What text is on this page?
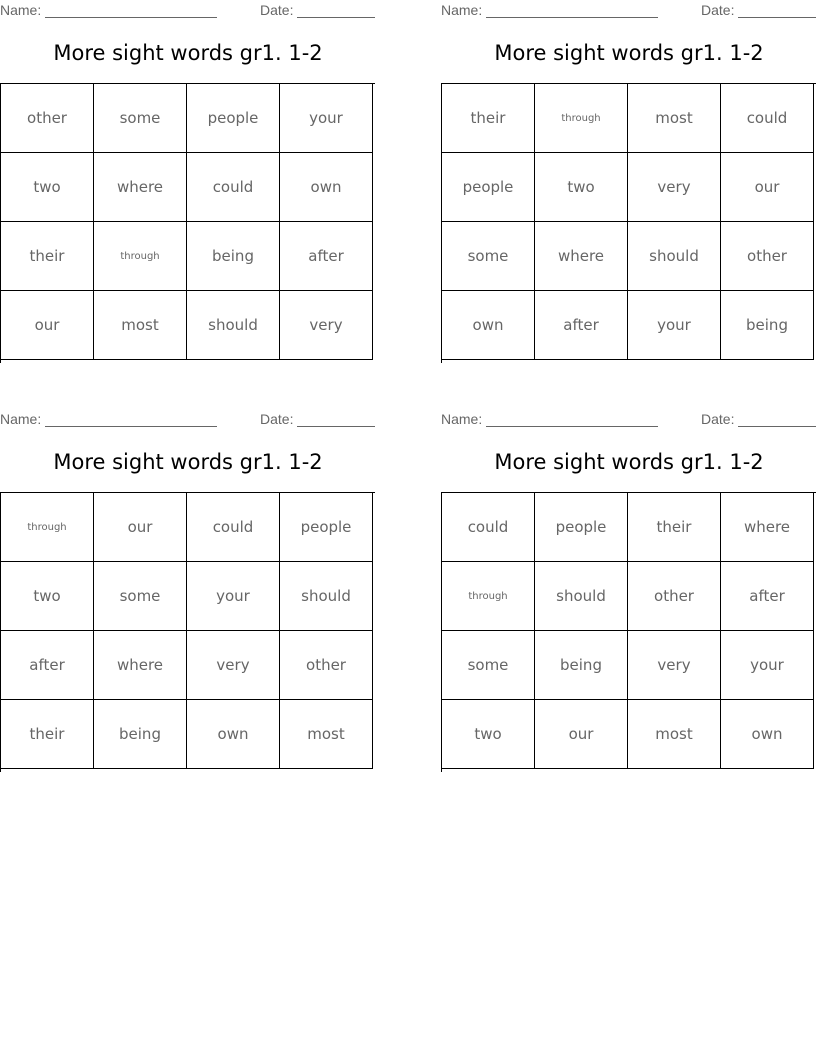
Name:	Date:
More sight words gr1. 1-2
other	some	people	your
two	where	could	own
their	through	being	after
our	most	should	very
Name:	Date:
More sight words gr1. 1-2
their	through	most	could
people	two	very	our
some	where	should	other
own	after	your	being
Name:	Date:
More sight words gr1. 1-2
through	our	could	people
two	some	your	should
after	where	very	other
their	being	own	most
Name:	Date:
More sight words gr1. 1-2
could	people	their	where
through	should	other	after
some	being	very	your
two	our	most	own
